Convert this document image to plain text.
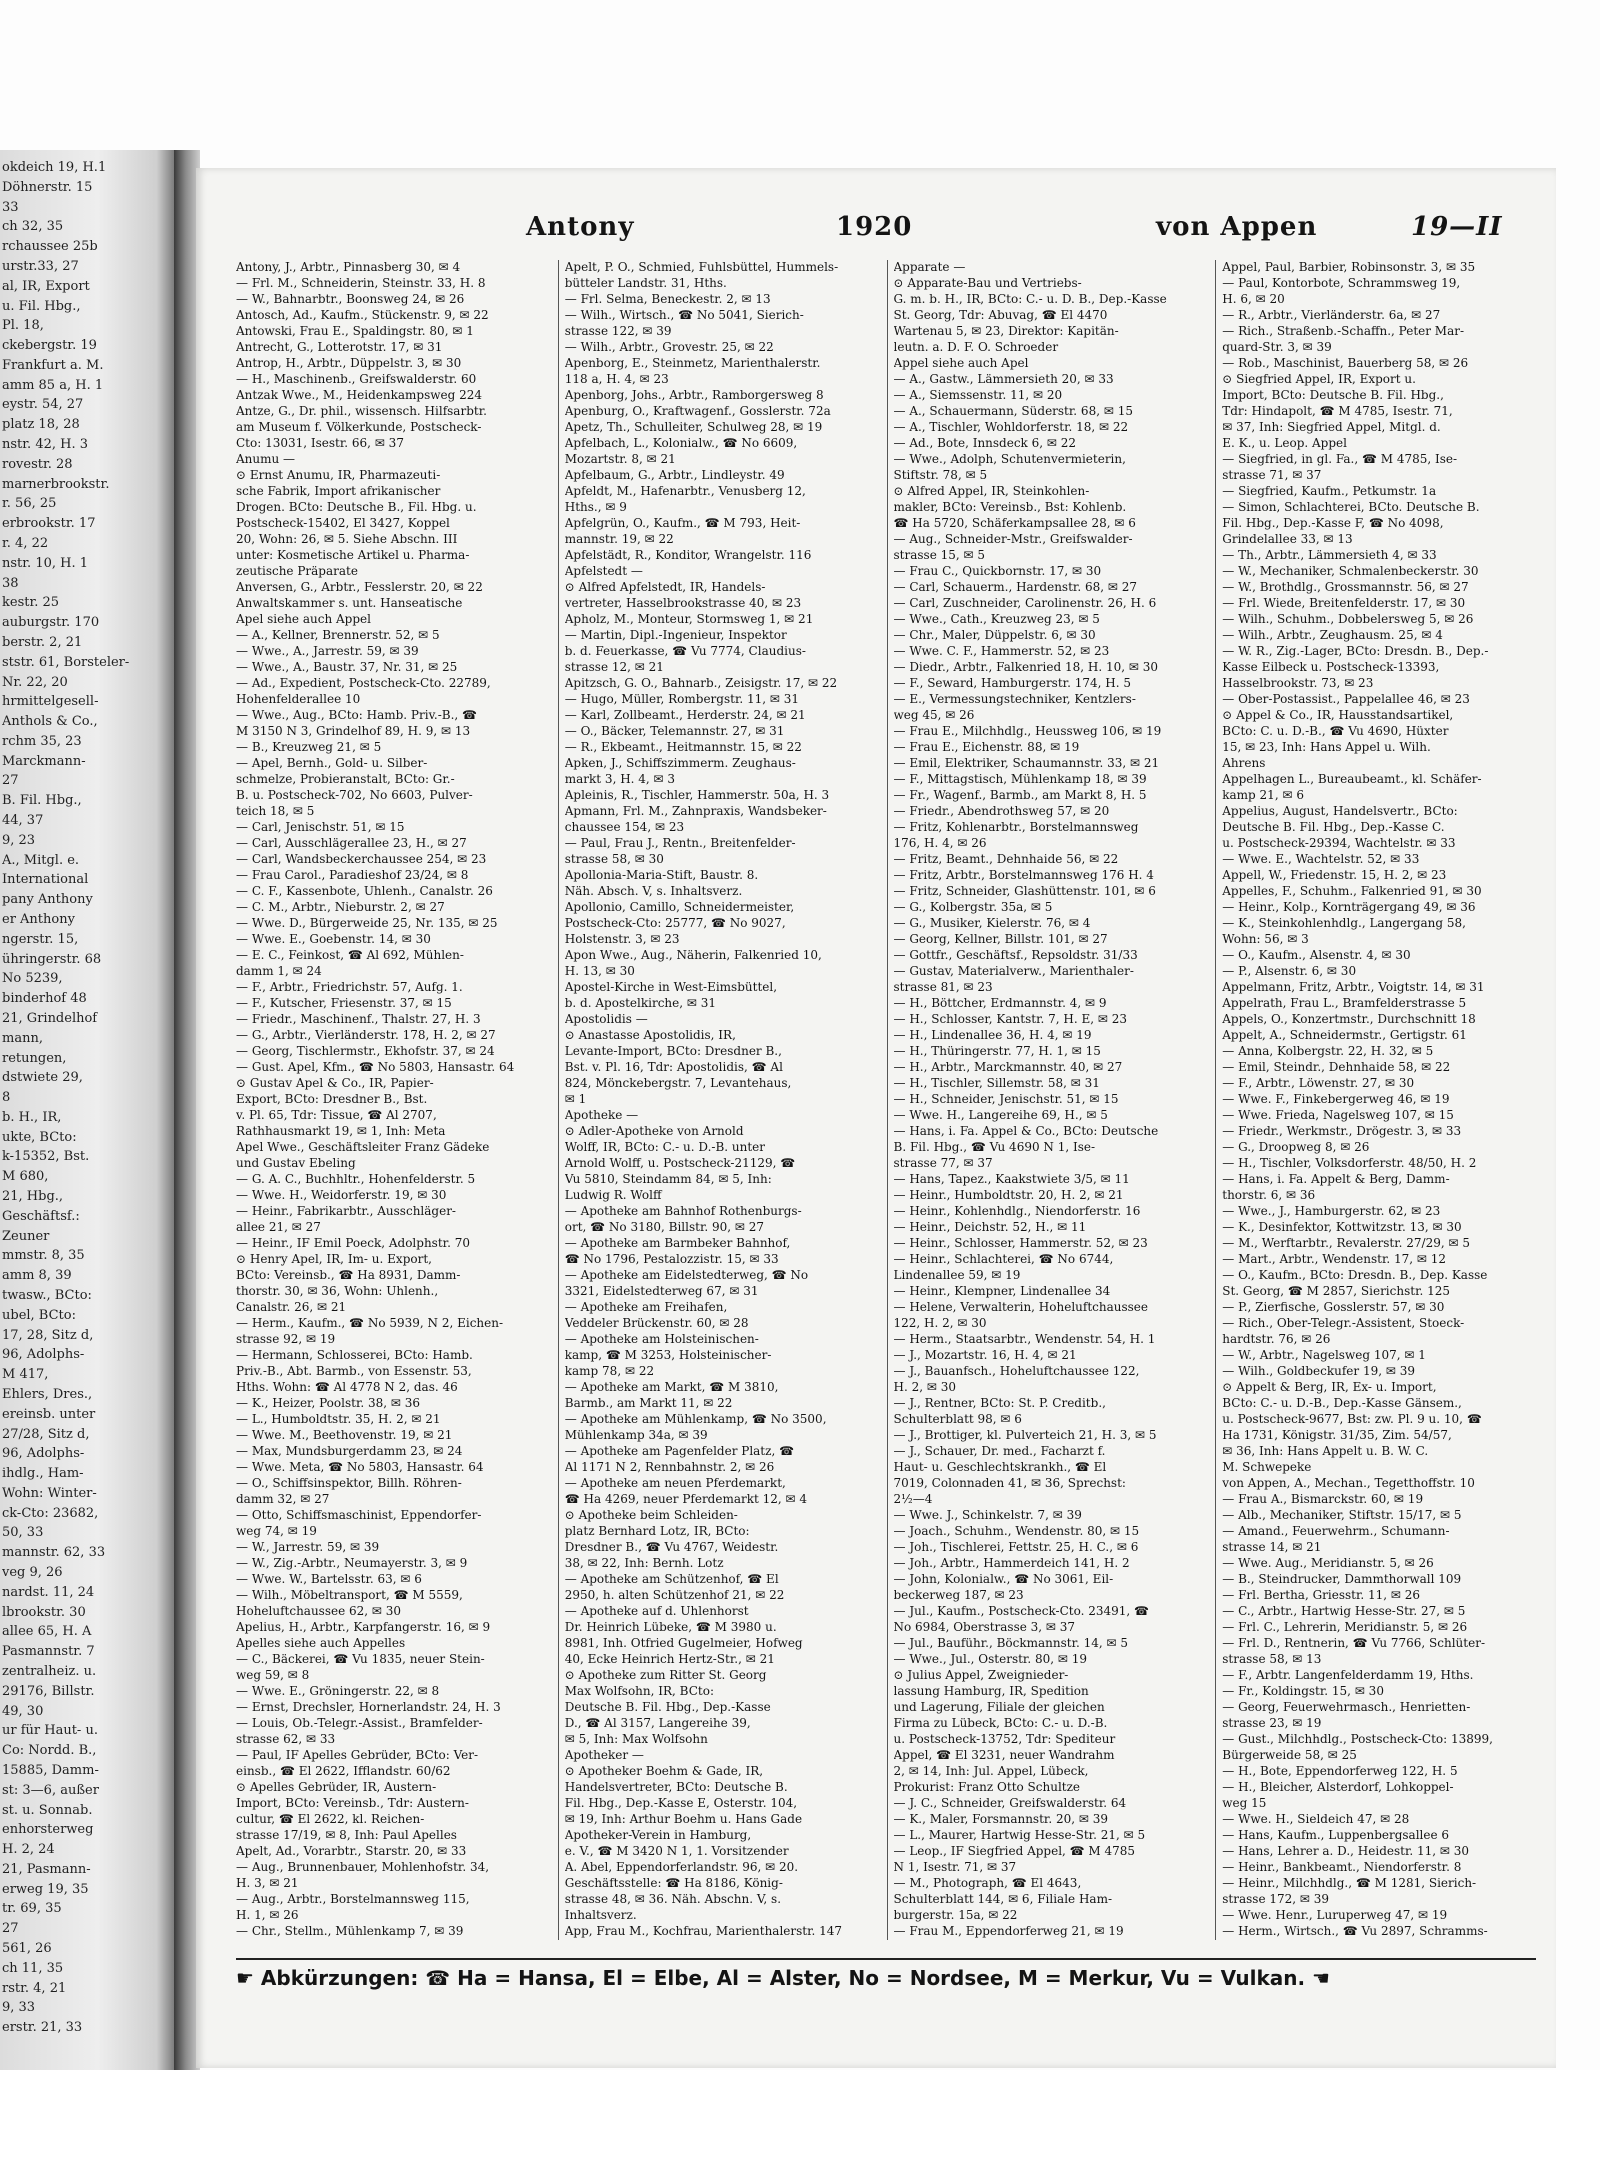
okdeich 19, H.1
Döhnerstr. 15
33
ch 32, 35
rchaussee 25b
urstr.33, 27
al, IR, Export
u. Fil. Hbg.,
Pl. 18,
ckebergstr. 19
Frankfurt a. M.
amm 85 a, H. 1
eystr. 54, 27
platz 18, 28
nstr. 42, H. 3
rovestr. 28
marnerbrookstr.
r. 56, 25
erbrookstr. 17
r. 4, 22
nstr. 10, H. 1
38
kestr. 25
auburgstr. 170
berstr. 2, 21
ststr. 61, Borsteler-
Nr. 22, 20
hrmittelgesell-
Anthols & Co.,
rchm 35, 23
Marckmann-
27
B. Fil. Hbg.,
44, 37
9, 23
A., Mitgl. e.
International
pany Anthony
er Anthony
ngerstr. 15,
ühringerstr. 68
No 5239,
binderhof 48
21, Grindelhof
mann,
retungen,
dstwiete 29,
8
b. H., IR,
ukte, BCto:
k-15352, Bst.
M 680,
21, Hbg.,
Geschäftsf.:
Zeuner
mmstr. 8, 35
amm 8, 39
twasw., BCto:
ubel, BCto:
17, 28, Sitz d,
96, Adolphs-
M 417,
Ehlers, Dres.,
ereinsb. unter
27/28, Sitz d,
96, Adolphs-
ihdlg., Ham-
Wohn: Winter-
ck-Cto: 23682,
50, 33
mannstr. 62, 33
veg 9, 26
nardst. 11, 24
lbrookstr. 30
allee 65, H. A
Pasmannstr. 7
zentralheiz. u.
29176, Billstr.
49, 30
ur für Haut- u.
Co: Nordd. B.,
15885, Damm-
st: 3—6, außer
st. u. Sonnab.
enhorsterweg
H. 2, 24
21, Pasmann-
erweg 19, 35
tr. 69, 35
27
561, 26
ch 11, 35
rstr. 4, 21
9, 33
erstr. 21, 33
Antony	1920	von Appen	19—II
Antony, J., Arbtr., Pinnasberg 30, ✉ 4
— Frl. M., Schneiderin, Steinstr. 33, H. 8
— W., Bahnarbtr., Boonsweg 24, ✉ 26
Antosch, Ad., Kaufm., Stückenstr. 9, ✉ 22
Antowski, Frau E., Spaldingstr. 80, ✉ 1
Antrecht, G., Lotterotstr. 17, ✉ 31
Antrop, H., Arbtr., Düppelstr. 3, ✉ 30
— H., Maschinenb., Greifswalderstr. 60
Antzak Wwe., M., Heidenkampsweg 224
Antze, G., Dr. phil., wissensch. Hilfsarbtr.
am Museum f. Völkerkunde, Postscheck-
Cto: 13031, Isestr. 66, ✉ 37
Anumu —
⊙ Ernst Anumu, IR, Pharmazeuti-
sche Fabrik, Import afrikanischer
Drogen. BCto: Deutsche B., Fil. Hbg. u.
Postscheck-15402, El 3427, Koppel
20, Wohn: 26, ✉ 5. Siehe Abschn. III
unter: Kosmetische Artikel u. Pharma-
zeutische Präparate
Anversen, G., Arbtr., Fesslerstr. 20, ✉ 22
Anwaltskammer s. unt. Hanseatische
Apel siehe auch Appel
— A., Kellner, Brennerstr. 52, ✉ 5
— Wwe., A., Jarrestr. 59, ✉ 39
— Wwe., A., Baustr. 37, Nr. 31, ✉ 25
— Ad., Expedient, Postscheck-Cto. 22789,
Hohenfelderallee 10
— Wwe., Aug., BCto: Hamb. Priv.-B., ☎
M 3150 N 3, Grindelhof 89, H. 9, ✉ 13
— B., Kreuzweg 21, ✉ 5
— Apel, Bernh., Gold- u. Silber-
schmelze, Probieranstalt, BCto: Gr.-
B. u. Postscheck-702, No 6603, Pulver-
teich 18, ✉ 5
— Carl, Jenischstr. 51, ✉ 15
— Carl, Ausschlägerallee 23, H., ✉ 27
— Carl, Wandsbeckerchaussee 254, ✉ 23
— Frau Carol., Paradieshof 23/24, ✉ 8
— C. F., Kassenbote, Uhlenh., Canalstr. 26
— C. M., Arbtr., Nieburstr. 2, ✉ 27
— Wwe. D., Bürgerweide 25, Nr. 135, ✉ 25
— Wwe. E., Goebenstr. 14, ✉ 30
— E. C., Feinkost, ☎ Al 692, Mühlen-
damm 1, ✉ 24
— F., Arbtr., Friedrichstr. 57, Aufg. 1.
— F., Kutscher, Friesenstr. 37, ✉ 15
— Friedr., Maschinenf., Thalstr. 27, H. 3
— G., Arbtr., Vierländerstr. 178, H. 2, ✉ 27
— Georg, Tischlermstr., Ekhofstr. 37, ✉ 24
— Gust. Apel, Kfm., ☎ No 5803, Hansastr. 64
⊙ Gustav Apel & Co., IR, Papier-
Export, BCto: Dresdner B., Bst.
v. Pl. 65, Tdr: Tissue, ☎ Al 2707,
Rathhausmarkt 19, ✉ 1, Inh: Meta
Apel Wwe., Geschäftsleiter Franz Gädeke
und Gustav Ebeling
— G. A. C., Buchhltr., Hohenfelderstr. 5
— Wwe. H., Weidorferstr. 19, ✉ 30
— Heinr., Fabrikarbtr., Ausschläger-
allee 21, ✉ 27
— Heinr., IF Emil Poeck, Adolphstr. 70
⊙ Henry Apel, IR, Im- u. Export,
BCto: Vereinsb., ☎ Ha 8931, Damm-
thorstr. 30, ✉ 36, Wohn: Uhlenh.,
Canalstr. 26, ✉ 21
— Herm., Kaufm., ☎ No 5939, N 2, Eichen-
strasse 92, ✉ 19
— Hermann, Schlosserei, BCto: Hamb.
Priv.-B., Abt. Barmb., von Essenstr. 53,
Hths. Wohn: ☎ Al 4778 N 2, das. 46
— K., Heizer, Poolstr. 38, ✉ 36
— L., Humboldtstr. 35, H. 2, ✉ 21
— Wwe. M., Beethovenstr. 19, ✉ 21
— Max, Mundsburgerdamm 23, ✉ 24
— Wwe. Meta, ☎ No 5803, Hansastr. 64
— O., Schiffsinspektor, Billh. Röhren-
damm 32, ✉ 27
— Otto, Schiffsmaschinist, Eppendorfer-
weg 74, ✉ 19
— W., Jarrestr. 59, ✉ 39
— W., Zig.-Arbtr., Neumayerstr. 3, ✉ 9
— Wwe. W., Bartelsstr. 63, ✉ 6
— Wilh., Möbeltransport, ☎ M 5559,
Hoheluftchaussee 62, ✉ 30
Apelius, H., Arbtr., Karpfangerstr. 16, ✉ 9
Apelles siehe auch Appelles
— C., Bäckerei, ☎ Vu 1835, neuer Stein-
weg 59, ✉ 8
— Wwe. E., Gröningerstr. 22, ✉ 8
— Ernst, Drechsler, Hornerlandstr. 24, H. 3
— Louis, Ob.-Telegr.-Assist., Bramfelder-
strasse 62, ✉ 33
— Paul, IF Apelles Gebrüder, BCto: Ver-
einsb., ☎ El 2622, Ifflandstr. 60/62
⊙ Apelles Gebrüder, IR, Austern-
Import, BCto: Vereinsb., Tdr: Austern-
cultur, ☎ El 2622, kl. Reichen-
strasse 17/19, ✉ 8, Inh: Paul Apelles
Apelt, Ad., Vorarbtr., Starstr. 20, ✉ 33
— Aug., Brunnenbauer, Mohlenhofstr. 34,
H. 3, ✉ 21
— Aug., Arbtr., Borstelmannsweg 115,
H. 1, ✉ 26
— Chr., Stellm., Mühlenkamp 7, ✉ 39
Apelt, P. O., Schmied, Fuhlsbüttel, Hummels-
bütteler Landstr. 31, Hths.
— Frl. Selma, Beneckestr. 2, ✉ 13
— Wilh., Wirtsch., ☎ No 5041, Sierich-
strasse 122, ✉ 39
— Wilh., Arbtr., Grovestr. 25, ✉ 22
Apenborg, E., Steinmetz, Marienthalerstr.
118 a, H. 4, ✉ 23
Apenborg, Johs., Arbtr., Ramborgersweg 8
Apenburg, O., Kraftwagenf., Gosslerstr. 72a
Apetz, Th., Schulleiter, Schulweg 28, ✉ 19
Apfelbach, L., Kolonialw., ☎ No 6609,
Mozartstr. 8, ✉ 21
Apfelbaum, G., Arbtr., Lindleystr. 49
Apfeldt, M., Hafenarbtr., Venusberg 12,
Hths., ✉ 9
Apfelgrün, O., Kaufm., ☎ M 793, Heit-
mannstr. 19, ✉ 22
Apfelstädt, R., Konditor, Wrangelstr. 116
Apfelstedt —
⊙ Alfred Apfelstedt, IR, Handels-
vertreter, Hasselbrookstrasse 40, ✉ 23
Apholz, M., Monteur, Stormsweg 1, ✉ 21
— Martin, Dipl.-Ingenieur, Inspektor
b. d. Feuerkasse, ☎ Vu 7774, Claudius-
strasse 12, ✉ 21
Apitzsch, G. O., Bahnarb., Zeisigstr. 17, ✉ 22
— Hugo, Müller, Rombergstr. 11, ✉ 31
— Karl, Zollbeamt., Herderstr. 24, ✉ 21
— O., Bäcker, Telemannstr. 27, ✉ 31
— R., Ekbeamt., Heitmannstr. 15, ✉ 22
Apken, J., Schiffszimmerm. Zeughaus-
markt 3, H. 4, ✉ 3
Apleinis, R., Tischler, Hammerstr. 50a, H. 3
Apmann, Frl. M., Zahnpraxis, Wandsbeker-
chaussee 154, ✉ 23
— Paul, Frau J., Rentn., Breitenfelder-
strasse 58, ✉ 30
Apollonia-Maria-Stift, Baustr. 8.
Näh. Absch. V, s. Inhaltsverz.
Apollonio, Camillo, Schneidermeister,
Postscheck-Cto: 25777, ☎ No 9027,
Holstenstr. 3, ✉ 23
Apon Wwe., Aug., Näherin, Falkenried 10,
H. 13, ✉ 30
Apostel-Kirche in West-Eimsbüttel,
b. d. Apostelkirche, ✉ 31
Apostolidis —
⊙ Anastasse Apostolidis, IR,
Levante-Import, BCto: Dresdner B.,
Bst. v. Pl. 16, Tdr: Apostolidis, ☎ Al
824, Mönckebergstr. 7, Levantehaus,
✉ 1
Apotheke —
⊙ Adler-Apotheke von Arnold
Wolff, IR, BCto: C.- u. D.-B. unter
Arnold Wolff, u. Postscheck-21129, ☎
Vu 5810, Steindamm 84, ✉ 5, Inh:
Ludwig R. Wolff
— Apotheke am Bahnhof Rothenburgs-
ort, ☎ No 3180, Billstr. 90, ✉ 27
— Apotheke am Barmbeker Bahnhof,
☎ No 1796, Pestalozzistr. 15, ✉ 33
— Apotheke am Eidelstedterweg, ☎ No
3321, Eidelstedterweg 67, ✉ 31
— Apotheke am Freihafen,
Veddeler Brückenstr. 60, ✉ 28
— Apotheke am Holsteinischen-
kamp, ☎ M 3253, Holsteinischer-
kamp 78, ✉ 22
— Apotheke am Markt, ☎ M 3810,
Barmb., am Markt 11, ✉ 22
— Apotheke am Mühlenkamp, ☎ No 3500,
Mühlenkamp 34a, ✉ 39
— Apotheke am Pagenfelder Platz, ☎
Al 1171 N 2, Rennbahnstr. 2, ✉ 26
— Apotheke am neuen Pferdemarkt,
☎ Ha 4269, neuer Pferdemarkt 12, ✉ 4
⊙ Apotheke beim Schleiden-
platz Bernhard Lotz, IR, BCto:
Dresdner B., ☎ Vu 4767, Weidestr.
38, ✉ 22, Inh: Bernh. Lotz
— Apotheke am Schützenhof, ☎ El
2950, h. alten Schützenhof 21, ✉ 22
— Apotheke auf d. Uhlenhorst
Dr. Heinrich Lübeke, ☎ M 3980 u.
8981, Inh. Otfried Gugelmeier, Hofweg
40, Ecke Heinrich Hertz-Str., ✉ 21
⊙ Apotheke zum Ritter St. Georg
Max Wolfsohn, IR, BCto:
Deutsche B. Fil. Hbg., Dep.-Kasse
D., ☎ Al 3157, Langereihe 39,
✉ 5, Inh: Max Wolfsohn
Apotheker —
⊙ Apotheker Boehm & Gade, IR,
Handelsvertreter, BCto: Deutsche B.
Fil. Hbg., Dep.-Kasse E, Osterstr. 104,
✉ 19, Inh: Arthur Boehm u. Hans Gade
Apotheker-Verein in Hamburg,
e. V., ☎ M 3420 N 1, 1. Vorsitzender
A. Abel, Eppendorferlandstr. 96, ✉ 20.
Geschäftsstelle: ☎ Ha 8186, König-
strasse 48, ✉ 36. Näh. Abschn. V, s.
Inhaltsverz.
App, Frau M., Kochfrau, Marienthalerstr. 147
Apparate —
⊙ Apparate-Bau und Vertriebs-
G. m. b. H., IR, BCto: C.- u. D. B., Dep.-Kasse
St. Georg, Tdr: Abuvag, ☎ El 4470
Wartenau 5, ✉ 23, Direktor: Kapitän-
leutn. a. D. F. O. Schroeder
Appel siehe auch Apel
— A., Gastw., Lämmersieth 20, ✉ 33
— A., Siemssenstr. 11, ✉ 20
— A., Schauermann, Süderstr. 68, ✉ 15
— A., Tischler, Wohldorferstr. 18, ✉ 22
— Ad., Bote, Innsdeck 6, ✉ 22
— Wwe., Adolph, Schutenvermieterin,
Stiftstr. 78, ✉ 5
⊙ Alfred Appel, IR, Steinkohlen-
makler, BCto: Vereinsb., Bst: Kohlenb.
☎ Ha 5720, Schäferkampsallee 28, ✉ 6
— Aug., Schneider-Mstr., Greifswalder-
strasse 15, ✉ 5
— Frau C., Quickbornstr. 17, ✉ 30
— Carl, Schauerm., Hardenstr. 68, ✉ 27
— Carl, Zuschneider, Carolinenstr. 26, H. 6
— Wwe., Cath., Kreuzweg 23, ✉ 5
— Chr., Maler, Düppelstr. 6, ✉ 30
— Wwe. C. F., Hammerstr. 52, ✉ 23
— Diedr., Arbtr., Falkenried 18, H. 10, ✉ 30
— F., Seward, Hamburgerstr. 174, H. 5
— E., Vermessungstechniker, Kentzlers-
weg 45, ✉ 26
— Frau E., Milchhdlg., Heussweg 106, ✉ 19
— Frau E., Eichenstr. 88, ✉ 19
— Emil, Elektriker, Schaumannstr. 33, ✉ 21
— F., Mittagstisch, Mühlenkamp 18, ✉ 39
— Fr., Wagenf., Barmb., am Markt 8, H. 5
— Friedr., Abendrothsweg 57, ✉ 20
— Fritz, Kohlenarbtr., Borstelmannsweg
176, H. 4, ✉ 26
— Fritz, Beamt., Dehnhaide 56, ✉ 22
— Fritz, Arbtr., Borstelmannsweg 176 H. 4
— Fritz, Schneider, Glashüttenstr. 101, ✉ 6
— G., Kolbergstr. 35a, ✉ 5
— G., Musiker, Kielerstr. 76, ✉ 4
— Georg, Kellner, Billstr. 101, ✉ 27
— Gottfr., Geschäftsf., Repsoldstr. 31/33
— Gustav, Materialverw., Marienthaler-
strasse 81, ✉ 23
— H., Böttcher, Erdmannstr. 4, ✉ 9
— H., Schlosser, Kantstr. 7, H. E, ✉ 23
— H., Lindenallee 36, H. 4, ✉ 19
— H., Thüringerstr. 77, H. 1, ✉ 15
— H., Arbtr., Marckmannstr. 40, ✉ 27
— H., Tischler, Sillemstr. 58, ✉ 31
— H., Schneider, Jenischstr. 51, ✉ 15
— Wwe. H., Langereihe 69, H., ✉ 5
— Hans, i. Fa. Appel & Co., BCto: Deutsche
B. Fil. Hbg., ☎ Vu 4690 N 1, Ise-
strasse 77, ✉ 37
— Hans, Tapez., Kaakstwiete 3/5, ✉ 11
— Heinr., Humboldtstr. 20, H. 2, ✉ 21
— Heinr., Kohlenhdlg., Niendorferstr. 16
— Heinr., Deichstr. 52, H., ✉ 11
— Heinr., Schlosser, Hammerstr. 52, ✉ 23
— Heinr., Schlachterei, ☎ No 6744,
Lindenallee 59, ✉ 19
— Heinr., Klempner, Lindenallee 34
— Helene, Verwalterin, Hoheluftchaussee
122, H. 2, ✉ 30
— Herm., Staatsarbtr., Wendenstr. 54, H. 1
— J., Mozartstr. 16, H. 4, ✉ 21
— J., Bauanfsch., Hoheluftchaussee 122,
H. 2, ✉ 30
— J., Rentner, BCto: St. P. Creditb.,
Schulterblatt 98, ✉ 6
— J., Brottiger, kl. Pulverteich 21, H. 3, ✉ 5
— J., Schauer, Dr. med., Facharzt f.
Haut- u. Geschlechtskrankh., ☎ El
7019, Colonnaden 41, ✉ 36, Sprechst:
2½—4
— Wwe. J., Schinkelstr. 7, ✉ 39
— Joach., Schuhm., Wendenstr. 80, ✉ 15
— Joh., Tischlerei, Fettstr. 25, H. C., ✉ 6
— Joh., Arbtr., Hammerdeich 141, H. 2
— John, Kolonialw., ☎ No 3061, Eil-
beckerweg 187, ✉ 23
— Jul., Kaufm., Postscheck-Cto. 23491, ☎
No 6984, Oberstrasse 3, ✉ 37
— Jul., Bauführ., Böckmannstr. 14, ✉ 5
— Wwe., Jul., Osterstr. 80, ✉ 19
⊙ Julius Appel, Zweignieder-
lassung Hamburg, IR, Spedition
und Lagerung, Filiale der gleichen
Firma zu Lübeck, BCto: C.- u. D.-B.
u. Postscheck-13752, Tdr: Spediteur
Appel, ☎ El 3231, neuer Wandrahm
2, ✉ 14, Inh: Jul. Appel, Lübeck,
Prokurist: Franz Otto Schultze
— J. C., Schneider, Greifswalderstr. 64
— K., Maler, Forsmannstr. 20, ✉ 39
— L., Maurer, Hartwig Hesse-Str. 21, ✉ 5
— Leop., IF Siegfried Appel, ☎ M 4785
N 1, Isestr. 71, ✉ 37
— M., Photograph, ☎ El 4643,
Schulterblatt 144, ✉ 6, Filiale Ham-
burgerstr. 15a, ✉ 22
— Frau M., Eppendorferweg 21, ✉ 19
Appel, Paul, Barbier, Robinsonstr. 3, ✉ 35
— Paul, Kontorbote, Schrammsweg 19,
H. 6, ✉ 20
— R., Arbtr., Vierländerstr. 6a, ✉ 27
— Rich., Straßenb.-Schaffn., Peter Mar-
quard-Str. 3, ✉ 39
— Rob., Maschinist, Bauerberg 58, ✉ 26
⊙ Siegfried Appel, IR, Export u.
Import, BCto: Deutsche B. Fil. Hbg.,
Tdr: Hindapolt, ☎ M 4785, Isestr. 71,
✉ 37, Inh: Siegfried Appel, Mitgl. d.
E. K., u. Leop. Appel
— Siegfried, in gl. Fa., ☎ M 4785, Ise-
strasse 71, ✉ 37
— Siegfried, Kaufm., Petkumstr. 1a
— Simon, Schlachterei, BCto. Deutsche B.
Fil. Hbg., Dep.-Kasse F, ☎ No 4098,
Grindelallee 33, ✉ 13
— Th., Arbtr., Lämmersieth 4, ✉ 33
— W., Mechaniker, Schmalenbeckerstr. 30
— W., Brothdlg., Grossmannstr. 56, ✉ 27
— Frl. Wiede, Breitenfelderstr. 17, ✉ 30
— Wilh., Schuhm., Dobbelersweg 5, ✉ 26
— Wilh., Arbtr., Zeughausm. 25, ✉ 4
— W. R., Zig.-Lager, BCto: Dresdn. B., Dep.-
Kasse Eilbeck u. Postscheck-13393,
Hasselbrookstr. 73, ✉ 23
— Ober-Postassist., Pappelallee 46, ✉ 23
⊙ Appel & Co., IR, Hausstandsartikel,
BCto: C. u. D.-B., ☎ Vu 4690, Hüxter
15, ✉ 23, Inh: Hans Appel u. Wilh.
Ahrens
Appelhagen L., Bureaubeamt., kl. Schäfer-
kamp 21, ✉ 6
Appelius, August, Handelsvertr., BCto:
Deutsche B. Fil. Hbg., Dep.-Kasse C.
u. Postscheck-29394, Wachtelstr. ✉ 33
— Wwe. E., Wachtelstr. 52, ✉ 33
Appell, W., Friedenstr. 15, H. 2, ✉ 23
Appelles, F., Schuhm., Falkenried 91, ✉ 30
— Heinr., Kolp., Kornträgergang 49, ✉ 36
— K., Steinkohlenhdlg., Langergang 58,
Wohn: 56, ✉ 3
— O., Kaufm., Alsenstr. 4, ✉ 30
— P., Alsenstr. 6, ✉ 30
Appelmann, Fritz, Arbtr., Voigtstr. 14, ✉ 31
Appelrath, Frau L., Bramfelderstrasse 5
Appels, O., Konzertmstr., Durchschnitt 18
Appelt, A., Schneidermstr., Gertigstr. 61
— Anna, Kolbergstr. 22, H. 32, ✉ 5
— Emil, Steindr., Dehnhaide 58, ✉ 22
— F., Arbtr., Löwenstr. 27, ✉ 30
— Wwe. F., Finkebergerweg 46, ✉ 19
— Wwe. Frieda, Nagelsweg 107, ✉ 15
— Friedr., Werkmstr., Drögestr. 3, ✉ 33
— G., Droopweg 8, ✉ 26
— H., Tischler, Volksdorferstr. 48/50, H. 2
— Hans, i. Fa. Appelt & Berg, Damm-
thorstr. 6, ✉ 36
— Wwe., J., Hamburgerstr. 62, ✉ 23
— K., Desinfektor, Kottwitzstr. 13, ✉ 30
— M., Werftarbtr., Revalerstr. 27/29, ✉ 5
— Mart., Arbtr., Wendenstr. 17, ✉ 12
— O., Kaufm., BCto: Dresdn. B., Dep. Kasse
St. Georg, ☎ M 2857, Sierichstr. 125
— P., Zierfische, Gosslerstr. 57, ✉ 30
— Rich., Ober-Telegr.-Assistent, Stoeck-
hardtstr. 76, ✉ 26
— W., Arbtr., Nagelsweg 107, ✉ 1
— Wilh., Goldbeckufer 19, ✉ 39
⊙ Appelt & Berg, IR, Ex- u. Import,
BCto: C.- u. D.-B., Dep.-Kasse Gänsem.,
u. Postscheck-9677, Bst: zw. Pl. 9 u. 10, ☎
Ha 1731, Königstr. 31/35, Zim. 54/57,
✉ 36, Inh: Hans Appelt u. B. W. C.
M. Schwepeke
von Appen, A., Mechan., Tegetthoffstr. 10
— Frau A., Bismarckstr. 60, ✉ 19
— Alb., Mechaniker, Stiftstr. 15/17, ✉ 5
— Amand., Feuerwehrm., Schumann-
strasse 14, ✉ 21
— Wwe. Aug., Meridianstr. 5, ✉ 26
— B., Steindrucker, Dammthorwall 109
— Frl. Bertha, Griesstr. 11, ✉ 26
— C., Arbtr., Hartwig Hesse-Str. 27, ✉ 5
— Frl. C., Lehrerin, Meridianstr. 5, ✉ 26
— Frl. D., Rentnerin, ☎ Vu 7766, Schlüter-
strasse 58, ✉ 13
— F., Arbtr. Langenfelderdamm 19, Hths.
— Fr., Koldingstr. 15, ✉ 30
— Georg, Feuerwehrmasch., Henrietten-
strasse 23, ✉ 19
— Gust., Milchhdlg., Postscheck-Cto: 13899,
Bürgerweide 58, ✉ 25
— H., Bote, Eppendorferweg 122, H. 5
— H., Bleicher, Alsterdorf, Lohkoppel-
weg 15
— Wwe. H., Sieldeich 47, ✉ 28
— Hans, Kaufm., Luppenbergsallee 6
— Hans, Lehrer a. D., Heidestr. 11, ✉ 30
— Heinr., Bankbeamt., Niendorferstr. 8
— Heinr., Milchhdlg., ☎ M 1281, Sierich-
strasse 172, ✉ 39
— Wwe. Henr., Luruperweg 47, ✉ 19
— Herm., Wirtsch., ☎ Vu 2897, Schramms-
☛ Abkürzungen: ☎ Ha = Hansa, El = Elbe, Al = Alster, No = Nordsee, M = Merkur, Vu = Vulkan. ☚
